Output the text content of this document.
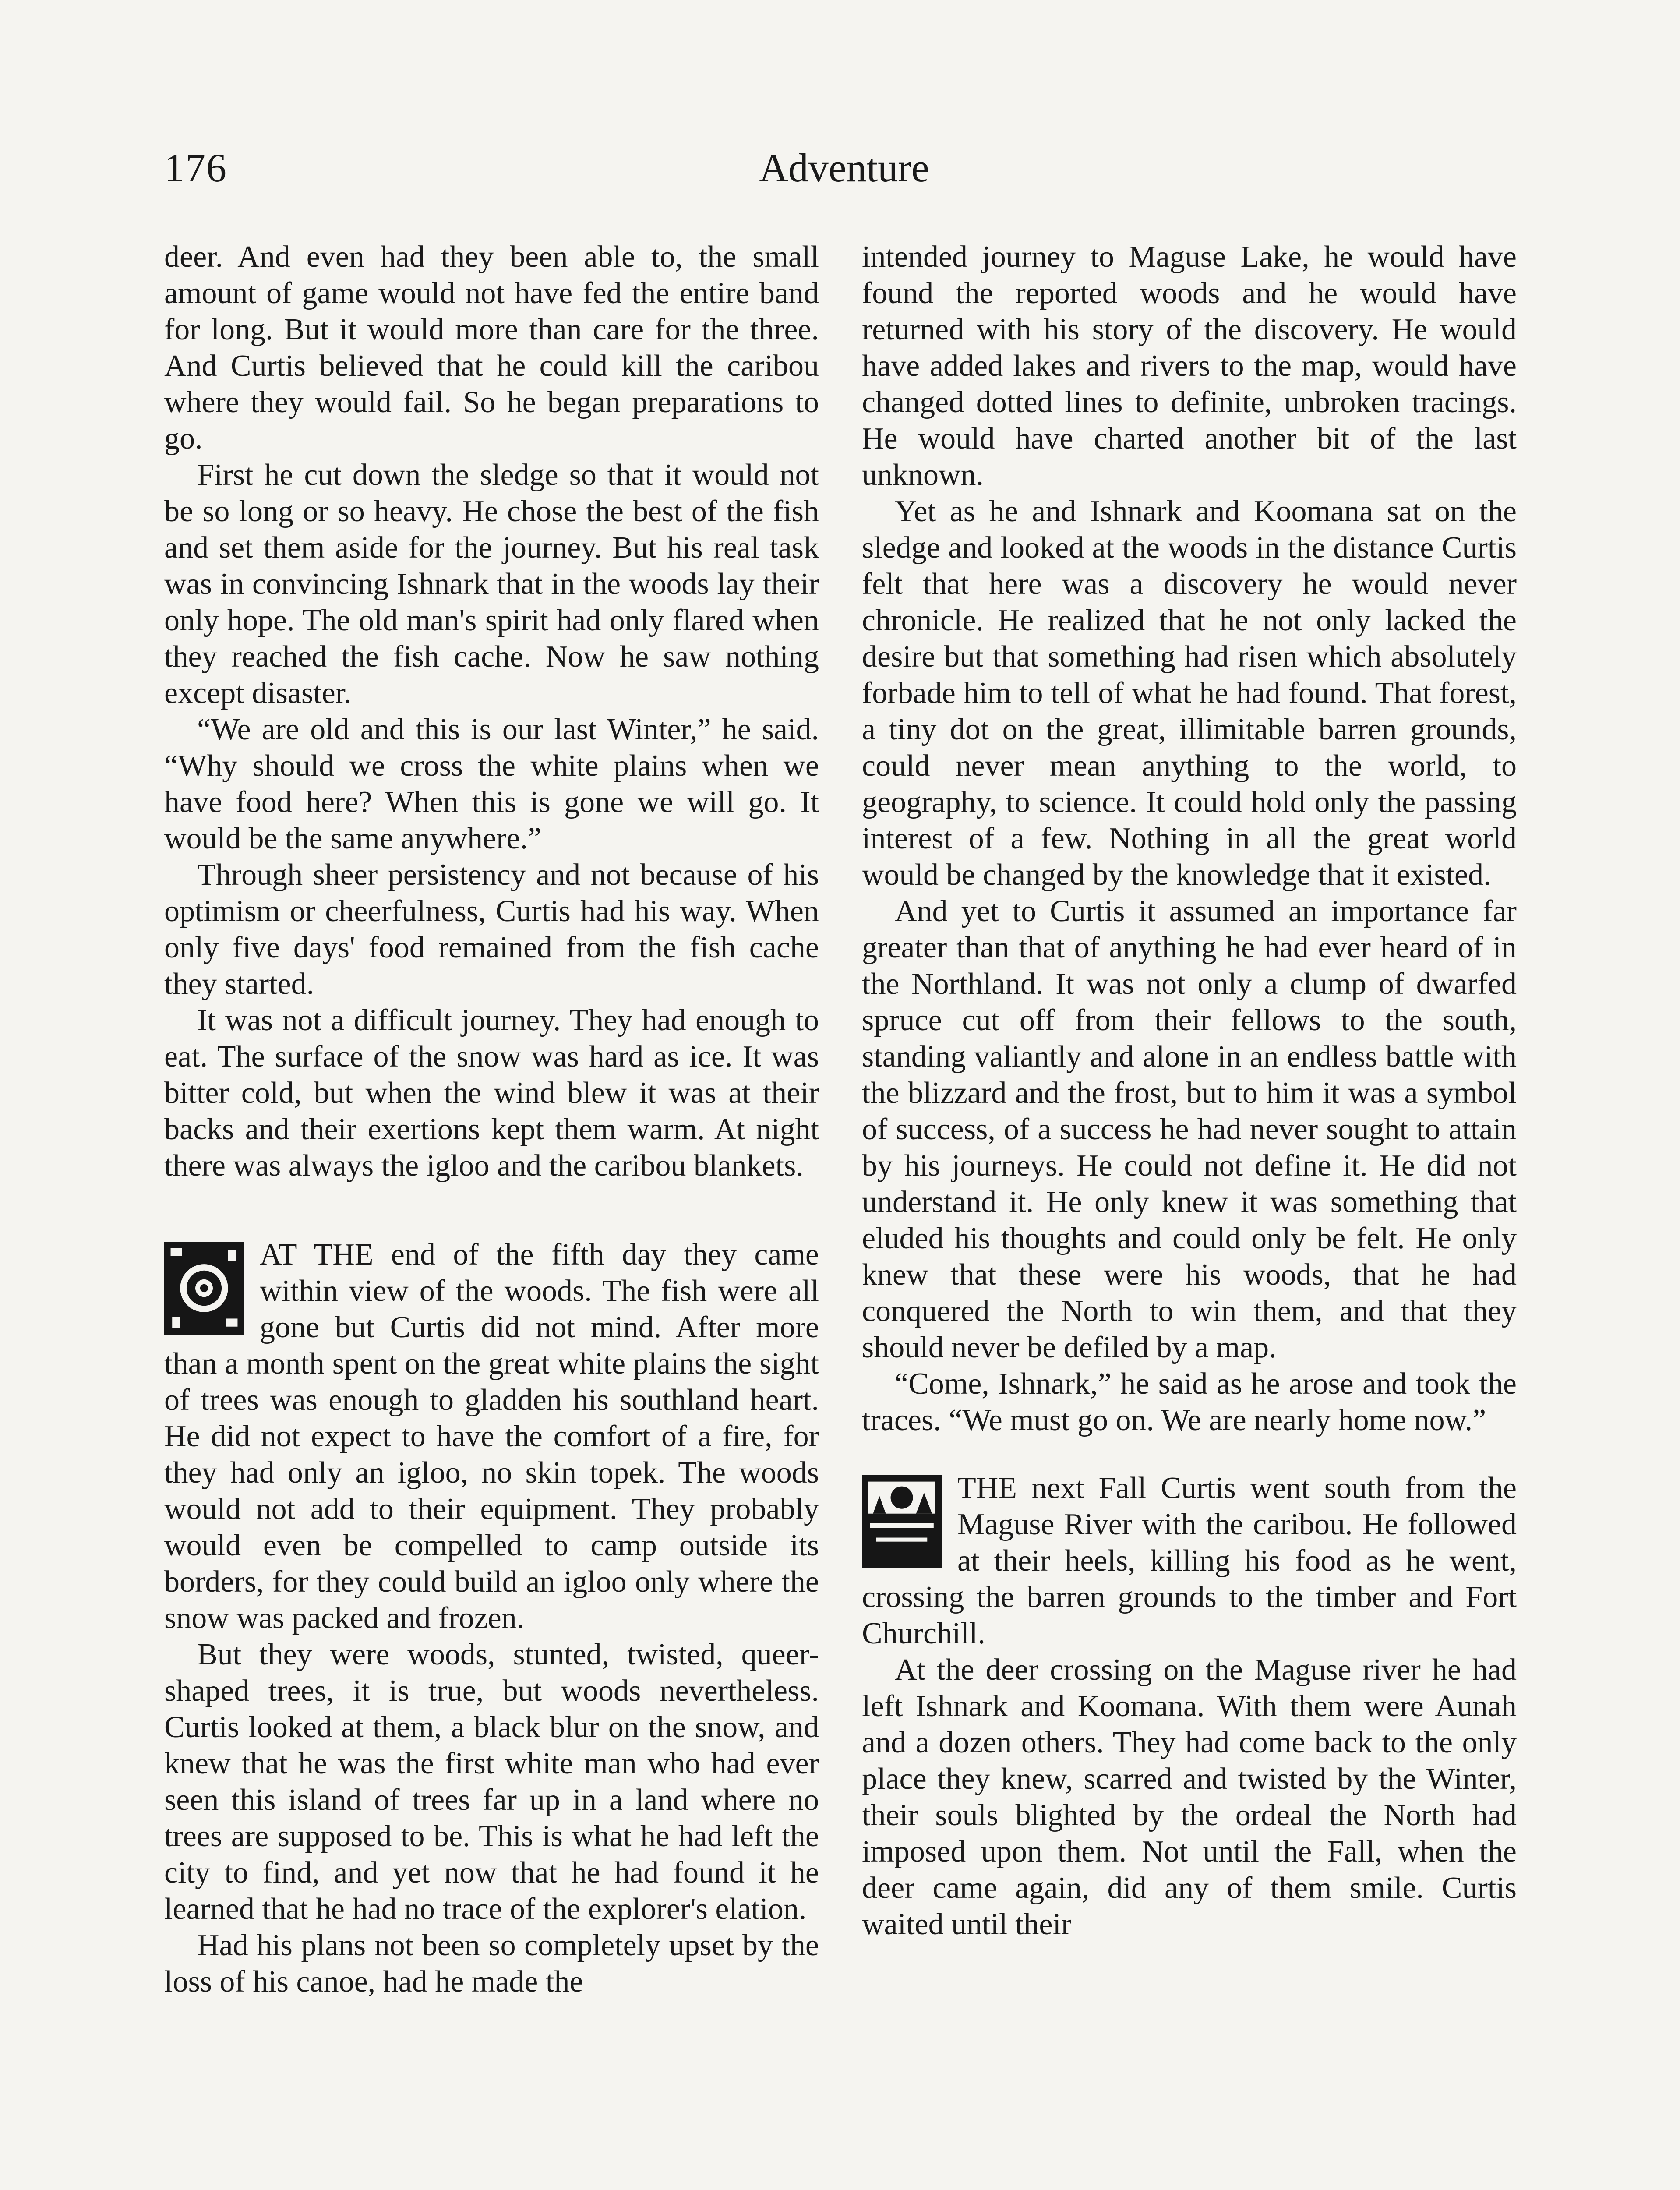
176	Adventure

deer. And even had they been able to, the small amount of game would not have fed the entire band for long. But it would more than care for the three. And Curtis believed that he could kill the caribou where they would fail. So he began preparations to go.

First he cut down the sledge so that it would not be so long or so heavy. He chose the best of the fish and set them aside for the journey. But his real task was in convincing Ishnark that in the woods lay their only hope. The old man's spirit had only flared when they reached the fish cache. Now he saw nothing except disaster.

“We are old and this is our last Winter,” he said. “Why should we cross the white plains when we have food here? When this is gone we will go. It would be the same anywhere.”

Through sheer persistency and not because of his optimism or cheerfulness, Curtis had his way. When only five days' food remained from the fish cache they started.

It was not a difficult journey. They had enough to eat. The surface of the snow was hard as ice. It was bitter cold, but when the wind blew it was at their backs and their exertions kept them warm. At night there was always the igloo and the caribou blankets.

AT THE end of the fifth day they came within view of the woods. The fish were all gone but Curtis did not mind. After more than a month spent on the great white plains the sight of trees was enough to gladden his southland heart. He did not expect to have the comfort of a fire, for they had only an igloo, no skin topek. The woods would not add to their equipment. They probably would even be compelled to camp outside its borders, for they could build an igloo only where the snow was packed and frozen.

But they were woods, stunted, twisted, queer-shaped trees, it is true, but woods nevertheless. Curtis looked at them, a black blur on the snow, and knew that he was the first white man who had ever seen this island of trees far up in a land where no trees are supposed to be. This is what he had left the city to find, and yet now that he had found it he learned that he had no trace of the explorer's elation.

Had his plans not been so completely upset by the loss of his canoe, had he made the

intended journey to Maguse Lake, he would have found the reported woods and he would have returned with his story of the discovery. He would have added lakes and rivers to the map, would have changed dotted lines to definite, unbroken tracings. He would have charted another bit of the last unknown.

Yet as he and Ishnark and Koomana sat on the sledge and looked at the woods in the distance Curtis felt that here was a discovery he would never chronicle. He realized that he not only lacked the desire but that something had risen which absolutely forbade him to tell of what he had found. That forest, a tiny dot on the great, illimitable barren grounds, could never mean anything to the world, to geography, to science. It could hold only the passing interest of a few. Nothing in all the great world would be changed by the knowledge that it existed.

And yet to Curtis it assumed an importance far greater than that of anything he had ever heard of in the Northland. It was not only a clump of dwarfed spruce cut off from their fellows to the south, standing valiantly and alone in an endless battle with the blizzard and the frost, but to him it was a symbol of success, of a success he had never sought to attain by his journeys. He could not define it. He did not understand it. He only knew it was something that eluded his thoughts and could only be felt. He only knew that these were his woods, that he had conquered the North to win them, and that they should never be defiled by a map.

“Come, Ishnark,” he said as he arose and took the traces. “We must go on. We are nearly home now.”

THE next Fall Curtis went south from the Maguse River with the caribou. He followed at their heels, killing his food as he went, crossing the barren grounds to the timber and Fort Churchill.

At the deer crossing on the Maguse river he had left Ishnark and Koomana. With them were Aunah and a dozen others. They had come back to the only place they knew, scarred and twisted by the Winter, their souls blighted by the ordeal the North had imposed upon them. Not until the Fall, when the deer came again, did any of them smile. Curtis waited until their
